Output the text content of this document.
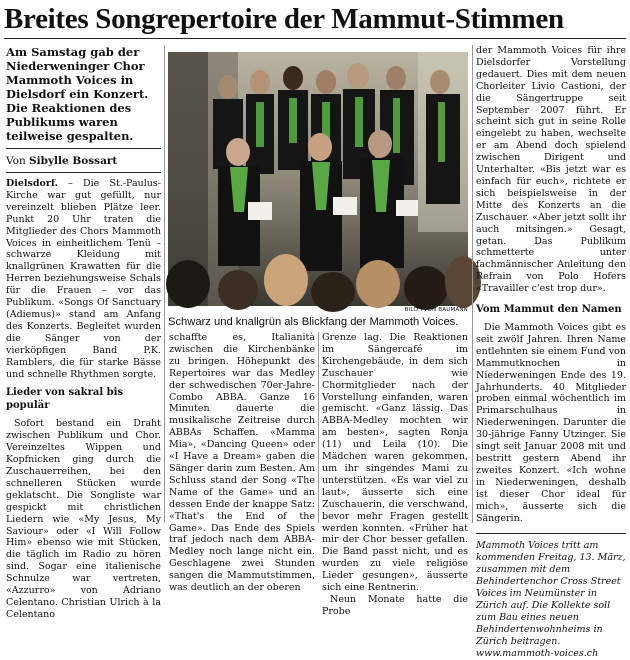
Breites Songrepertoire der Mammut-Stimmen

Am Samstag gab der Niederweninger Chor Mammoth Voices in Dielsdorf ein Konzert. Die Reaktionen des Publikums waren teilweise gespalten.

Von Sibylle Bossart

Dielsdorf. – Die St.-Paulus-Kirche war gut gefüllt, nur vereinzelt blieben Plätze leer. Punkt 20 Uhr traten die Mitglieder des Chors Mammoth Voices in einheitlichem Tenü – schwarze Kleidung mit knallgrünen Krawatten für die Herren beziehungsweise Schals für die Frauen – vor das Publikum. «Songs Of Sanctuary (Adiemus)» stand am Anfang des Konzerts. Begleitet wurden die Sänger von der vierköpfigen Band P.K. Ramblers, die für starke Bässe und schnelle Rhythmen sorgte.

Lieder von sakral bis populär

Sofort bestand ein Draht zwischen Publikum und Chor. Vereinzeltes Wippen und Kopfnicken ging durch die Zuschauerreihen, bei den schnelleren Stücken wurde geklatscht. Die Songliste war gespickt mit christlichen Liedern wie «My Jesus, My Saviour» oder «I Will Follow Him» ebenso wie mit Stücken, die täglich im Radio zu hören sind. Sogar eine italienische Schnulze war vertreten, «Azzurro» von Adriano Celentano. Christian Ulrich à la Celentano

BILD YVON BAUMANN
Schwarz und knallgrün als Blickfang der Mammoth Voices.

schaffte es, Italianità zwischen die Kirchenbänke zu bringen. Höhepunkt des Repertoires war das Medley der schwedischen 70er-Jahre-Combo ABBA. Ganze 16 Minuten dauerte die musikalische Zeitreise durch ABBAs Schaffen. «Mamma Mia», «Dancing Queen» oder «I Have a Dream» gaben die Sänger darin zum Besten. Am Schluss stand der Song «The Name of the Game» und an dessen Ende der knappe Satz: «That's the End of the Game». Das Ende des Spiels traf jedoch nach dem ABBA-Medley noch lange nicht ein. Geschlagene zwei Stunden sangen die Mammutstimmen, was deutlich an der oberen

Grenze lag. Die Reaktionen im Sängercafé im Kirchengebäude, in dem sich Zuschauer wie Chormitglieder nach der Vorstellung einfanden, waren gemischt. «Ganz lässig. Das ABBA-Medley mochten wir am besten», sagten Ronja (11) und Leila (10). Die Mädchen waren gekommen, um ihr singendes Mami zu unterstützen. «Es war viel zu laut», äusserte sich eine Zuschauerin, die verschwand, bevor mehr Fragen gestellt werden konnten. «Früher hat mir der Chor besser gefallen. Die Band passt nicht, und es wurden zu viele religiöse Lieder gesungen», äusserte sich eine Rentnerin.

Neun Monate hatte die Probe

der Mammoth Voices für ihre Dielsdorfer Vorstellung gedauert. Dies mit dem neuen Chorleiter Livio Castioni, der die Sängertruppe seit September 2007 führt. Er scheint sich gut in seine Rolle eingelebt zu haben, wechselte er am Abend doch spielend zwischen Dirigent und Unterhalter. «Bis jetzt war es einfach für euch», richtete er sich beispielsweise in der Mitte des Konzerts an die Zuschauer. «Aber jetzt sollt ihr auch mitsingen.» Gesagt, getan. Das Publikum schmetterte unter fachmännischer Anleitung den Refrain von Polo Hofers «Travailler c'est trop dur».

Vom Mammut den Namen

Die Mammoth Voices gibt es seit zwölf Jahren. Ihren Name entlehnten sie einem Fund von Mammutknochen in Niederweningen Ende des 19. Jahrhunderts. 40 Mitglieder proben einmal wöchentlich im Primarschulhaus in Niederweningen. Darunter die 30-jährige Fanny Utzinger. Sie singt seit Januar 2008 mit und bestritt gestern Abend ihr zweites Konzert. «Ich wohne in Niederweningen, deshalb ist dieser Chor ideal für mich», äusserte sich die Sängerin.

Mammoth Voices tritt am kommenden Freitag, 13. März, zusammen mit dem Behindertenchor Cross Street Voices im Neumünster in Zürich auf. Die Kollekte soll zum Bau eines neuen Behindertenwohnheims in Zürich beitragen. www.mammoth-voices.ch
